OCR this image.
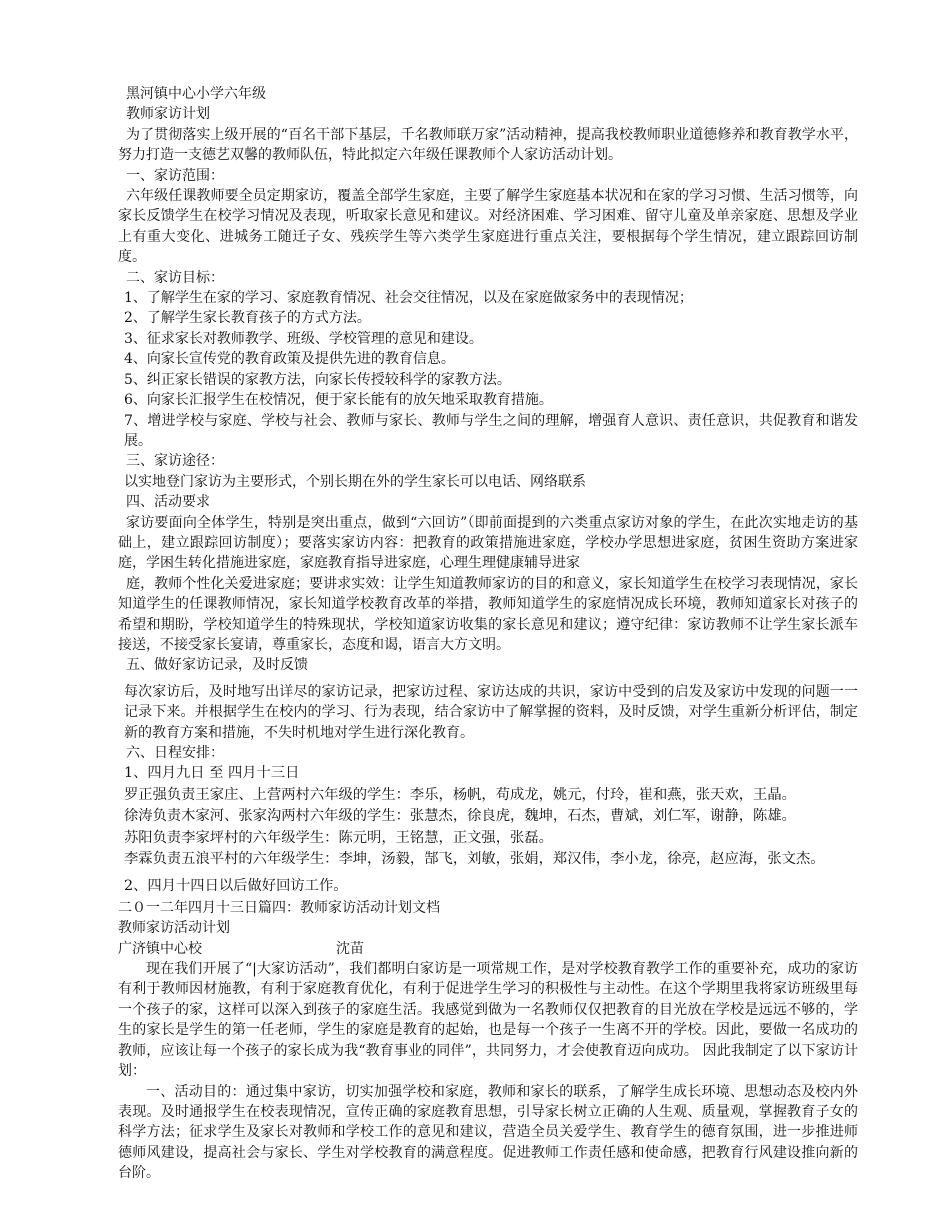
黑河镇中心小学六年级

教师家访计划

为了贯彻落实上级开展的“百名干部下基层，千名教师联万家”活动精神，提高我校教师职业道德修养和教育教学水平，努力打造一支德艺双馨的教师队伍，特此拟定六年级任课教师个人家访活动计划。

一、家访范围：

六年级任课教师要全员定期家访，覆盖全部学生家庭，主要了解学生家庭基本状况和在家的学习习惯、生活习惯等，向家长反馈学生在校学习情况及表现，听取家长意见和建议。对经济困难、学习困难、留守儿童及单亲家庭、思想及学业上有重大变化、进城务工随迁子女、残疾学生等六类学生家庭进行重点关注，要根据每个学生情况，建立跟踪回访制度。

二、家访目标：

1、了解学生在家的学习、家庭教育情况、社会交往情况，以及在家庭做家务中的表现情况；

2、了解学生家长教育孩子的方式方法。

3、征求家长对教师教学、班级、学校管理的意见和建设。

4、向家长宣传党的教育政策及提供先进的教育信息。

5、纠正家长错误的家教方法，向家长传授较科学的家教方法。

6、向家长汇报学生在校情况，便于家长能有的放矢地采取教育措施。

7、增进学校与家庭、学校与社会、教师与家长、教师与学生之间的理解，增强育人意识、责任意识，共促教育和谐发展。

三、家访途径：

以实地登门家访为主要形式，个别长期在外的学生家长可以电话、网络联系

四、活动要求

家访要面向全体学生，特别是突出重点，做到“六回访”（即前面提到的六类重点家访对象的学生，在此次实地走访的基础上，建立跟踪回访制度）；要落实家访内容：把教育的政策措施进家庭，学校办学思想进家庭，贫困生资助方案进家庭，学困生转化措施进家庭，家庭教育指导进家庭，心理生理健康辅导进家

庭，教师个性化关爱进家庭；要讲求实效：让学生知道教师家访的目的和意义，家长知道学生在校学习表现情况，家长知道学生的任课教师情况，家长知道学校教育改革的举措，教师知道学生的家庭情况成长环境，教师知道家长对孩子的希望和期盼，学校知道学生的特殊现状，学校知道家访收集的家长意见和建议；遵守纪律：家访教师不让学生家长派车接送，不接受家长宴请，尊重家长，态度和谒，语言大方文明。

五、做好家访记录，及时反馈

每次家访后，及时地写出详尽的家访记录，把家访过程、家访达成的共识，家访中受到的启发及家访中发现的问题一一记录下来。并根据学生在校内的学习、行为表现，结合家访中了解掌握的资料，及时反馈，对学生重新分析评估，制定新的教育方案和措施，不失时机地对学生进行深化教育。

六、日程安排：

1、四月九日 至 四月十三日

罗正强负责王家庄、上营两村六年级的学生：李乐，杨帆，苟成龙，姚元，付玲，崔和燕，张天欢，王晶。

徐涛负责木家河、张家沟两村六年级的学生：张慧杰，徐良虎，魏坤，石杰，曹斌，刘仁军，谢静，陈雄。

苏阳负责李家坪村的六年级学生：陈元明，王铭慧，正文强，张磊。

李霖负责五浪平村的六年级学生：李坤，汤毅，郜飞，刘敏，张娟，郑汉伟，李小龙，徐亮，赵应海，张文杰。

2、四月十四日以后做好回访工作。

二０一二年四月十三日篇四：教师家访活动计划文档

教师家访活动计划

广济镇中心校	沈苗

现在我们开展了“|大家访活动”，我们都明白家访是一项常规工作，是对学校教育教学工作的重要补充，成功的家访有利于教师因材施教，有利于家庭教育优化，有利于促进学生学习的积极性与主动性。在这个学期里我将家访班级里每一个孩子的家，这样可以深入到孩子的家庭生活。我感觉到做为一名教师仅仅把教育的目光放在学校是远远不够的，学生的家长是学生的第一任老师，学生的家庭是教育的起始，也是每一个孩子一生离不开的学校。因此，要做一名成功的教师，应该让每一个孩子的家长成为我“教育事业的同伴”，共同努力，才会使教育迈向成功。 因此我制定了以下家访计划：

一、活动目的：通过集中家访，切实加强学校和家庭，教师和家长的联系，了解学生成长环境、思想动态及校内外表现。及时通报学生在校表现情况，宣传正确的家庭教育思想，引导家长树立正确的人生观、质量观，掌握教育子女的科学方法；征求学生及家长对教师和学校工作的意见和建议，营造全员关爱学生、教育学生的德育氛围，进一步推进师德师风建设，提高社会与家长、学生对学校教育的满意程度。促进教师工作责任感和使命感，把教育行风建设推向新的台阶。
